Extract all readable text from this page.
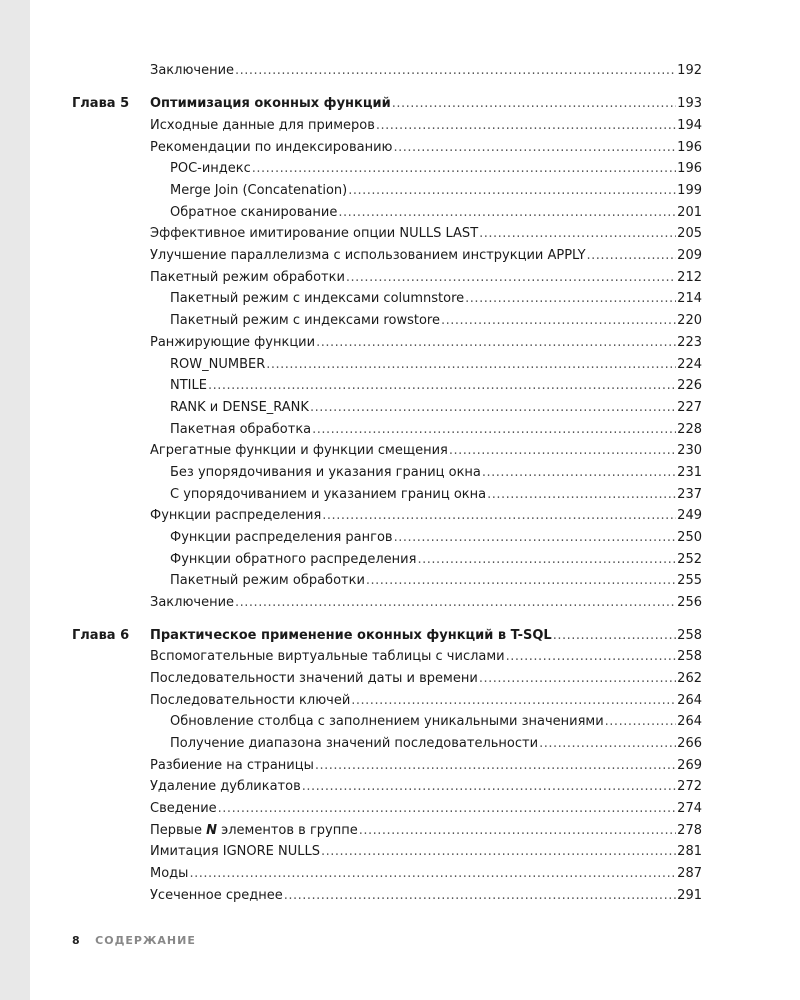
Заключение .....	192
Глава 5 Оптимизация оконных функций .....	193
Исходные данные для примеров .....	194
Рекомендации по индексированию .....	196
POC-индекс .....	196
Merge Join (Concatenation) .....	199
Обратное сканирование .....	201
Эффективное имитирование опции NULLS LAST .....	205
Улучшение параллелизма с использованием инструкции APPLY .....	209
Пакетный режим обработки .....	212
Пакетный режим с индексами columnstore .....	214
Пакетный режим с индексами rowstore .....	220
Ранжирующие функции .....	223
ROW_NUMBER .....	224
NTILE .....	226
RANK и DENSE_RANK .....	227
Пакетная обработка .....	228
Агрегатные функции и функции смещения .....	230
Без упорядочивания и указания границ окна .....	231
С упорядочиванием и указанием границ окна .....	237
Функции распределения .....	249
Функции распределения рангов .....	250
Функции обратного распределения .....	252
Пакетный режим обработки .....	255
Заключение .....	256
Глава 6 Практическое применение оконных функций в T-SQL .....	258
Вспомогательные виртуальные таблицы с числами .....	258
Последовательности значений даты и времени .....	262
Последовательности ключей .....	264
Обновление столбца с заполнением уникальными значениями .....	264
Получение диапазона значений последовательности .....	266
Разбиение на страницы .....	269
Удаление дубликатов .....	272
Сведение .....	274
Первые N элементов в группе .....	278
Имитация IGNORE NULLS .....	281
Моды .....	287
Усеченное среднее .....	291
8 СОДЕРЖАНИЕ
